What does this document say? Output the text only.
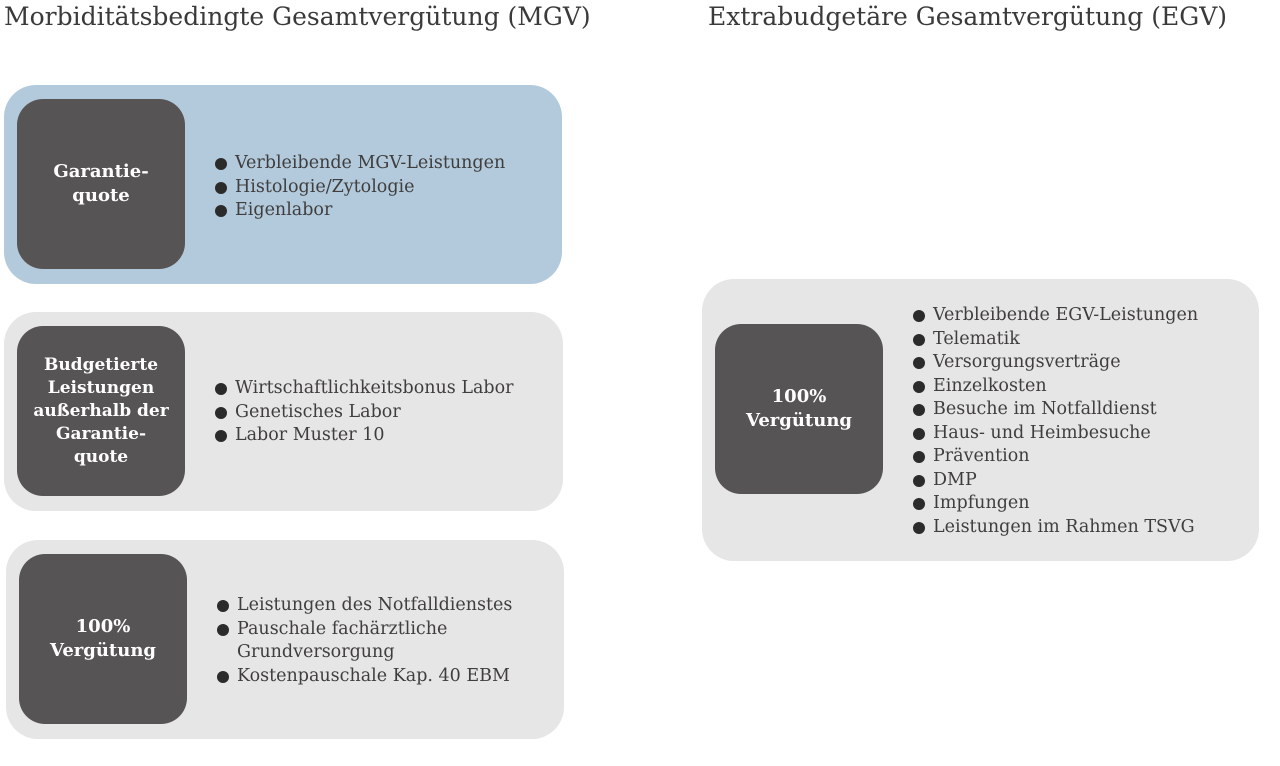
Morbiditätsbedingte Gesamtvergütung (MGV)	Extrabudgetäre Gesamtvergütung (EGV)
Garantie-
quote
Verbleibende MGV-Leistungen
Histologie/Zytologie
Eigenlabor
Budgetierte
Leistungen
außerhalb der
Garantie-
quote
Wirtschaftlichkeitsbonus Labor
Genetisches Labor
Labor Muster 10
100%
Vergütung
Leistungen des Notfalldienstes
Pauschale fachärztliche Grundversorgung
Kostenpauschale Kap. 40 EBM
100%
Vergütung
Verbleibende EGV-Leistungen
Telematik
Versorgungsverträge
Einzelkosten
Besuche im Notfalldienst
Haus- und Heimbesuche
Prävention
DMP
Impfungen
Leistungen im Rahmen TSVG
